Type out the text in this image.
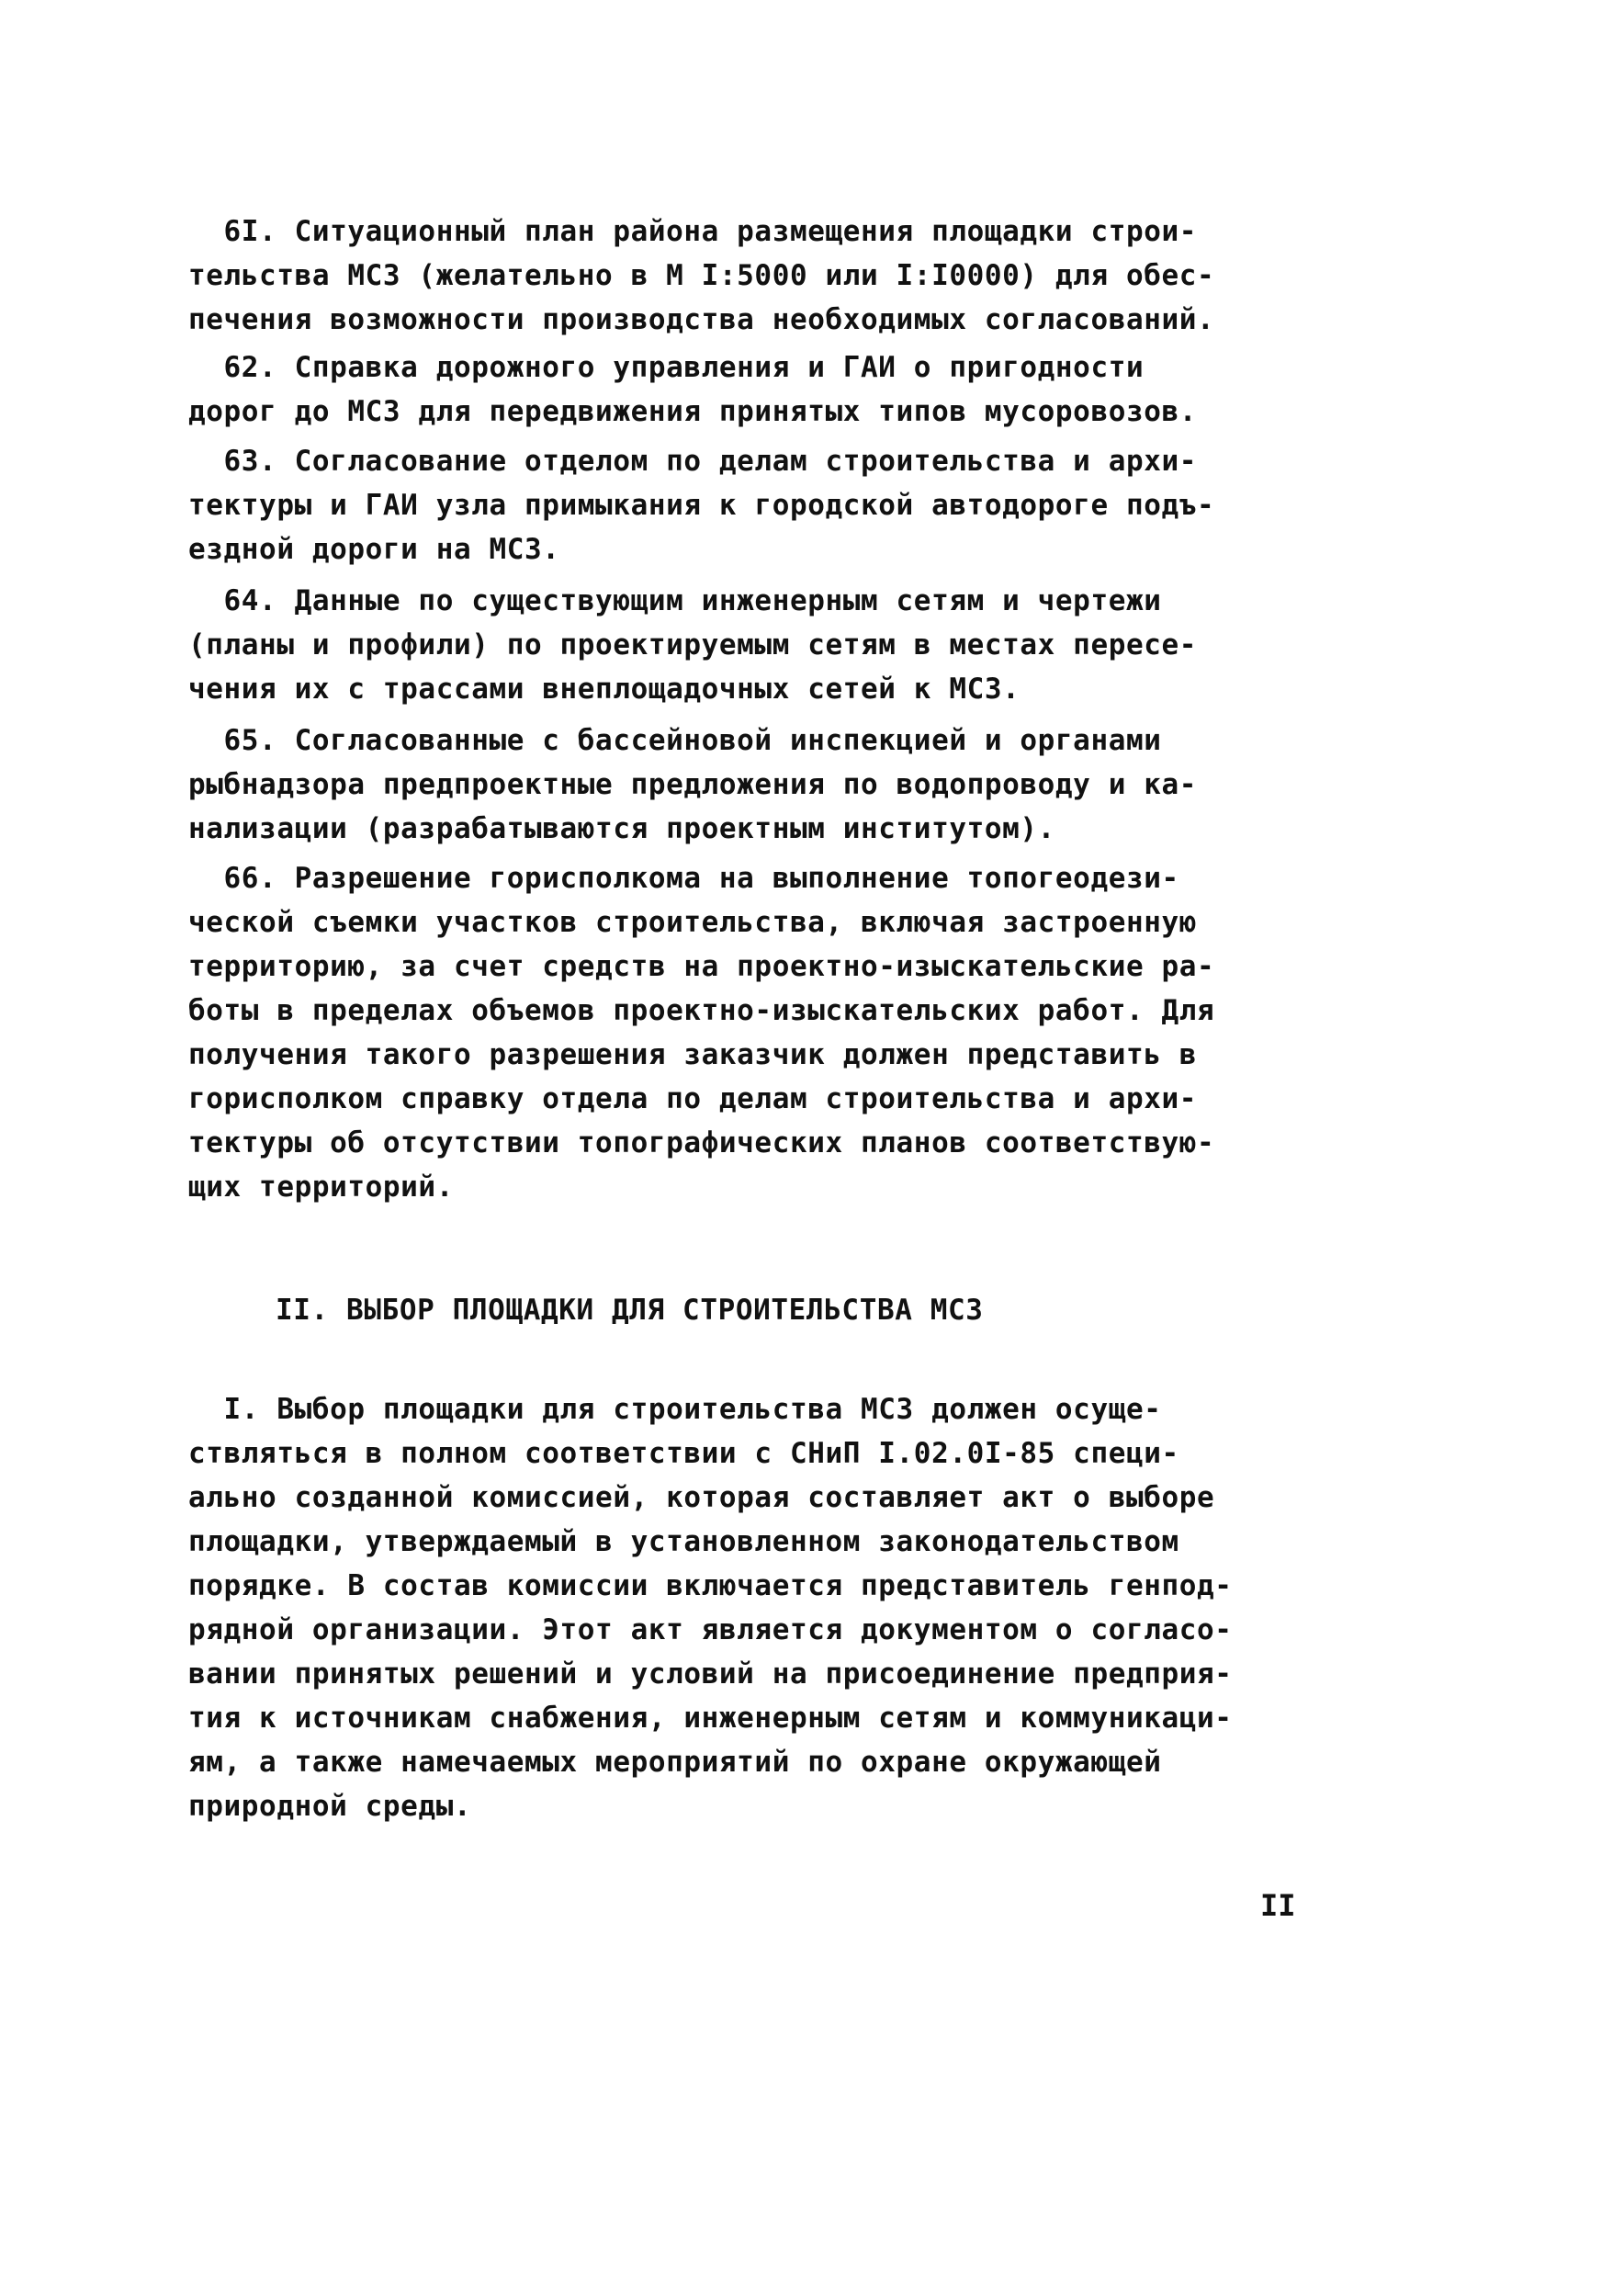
6I. Ситуационный план района размещения площадки строи-
тельства МСЗ (желательно в М I:5000 или I:I0000) для обес-
печения возможности производства необходимых согласований.
62. Справка дорожного управления и ГАИ о пригодности
дорог до МСЗ для передвижения принятых типов мусоровозов.
63. Согласование отделом по делам строительства и архи-
тектуры и ГАИ узла примыкания к городской автодороге подъ-
ездной дороги на МСЗ.
64. Данные по существующим инженерным сетям и чертежи
(планы и профили) по проектируемым сетям в местах пересе-
чения их с трассами внеплощадочных сетей к МСЗ.
65. Согласованные с бассейновой инспекцией и органами
рыбнадзора предпроектные предложения по водопроводу и ка-
нализации (разрабатываются проектным институтом).
66. Разрешение горисполкома на выполнение топогеодези-
ческой съемки участков строительства, включая застроенную
территорию, за счет средств на проектно-изыскательские ра-
боты в пределах объемов проектно-изыскательских работ. Для
получения такого разрешения заказчик должен представить в
горисполком справку отдела по делам строительства и архи-
тектуры об отсутствии топографических планов соответствую-
щих территорий.
II. ВЫБОР ПЛОЩАДКИ ДЛЯ СТРОИТЕЛЬСТВА МСЗ
I. Выбор площадки для строительства МСЗ должен осуще-
ствляться в полном соответствии с СНиП I.02.0I-85 специ-
ально созданной комиссией, которая составляет акт о выборе
площадки, утверждаемый в установленном законодательством
порядке. В состав комиссии включается представитель генпод-
рядной организации. Этот акт является документом о согласо-
вании принятых решений и условий на присоединение предприя-
тия к источникам снабжения, инженерным сетям и коммуникаци-
ям, а также намечаемых мероприятий по охране окружающей
природной среды.
II
